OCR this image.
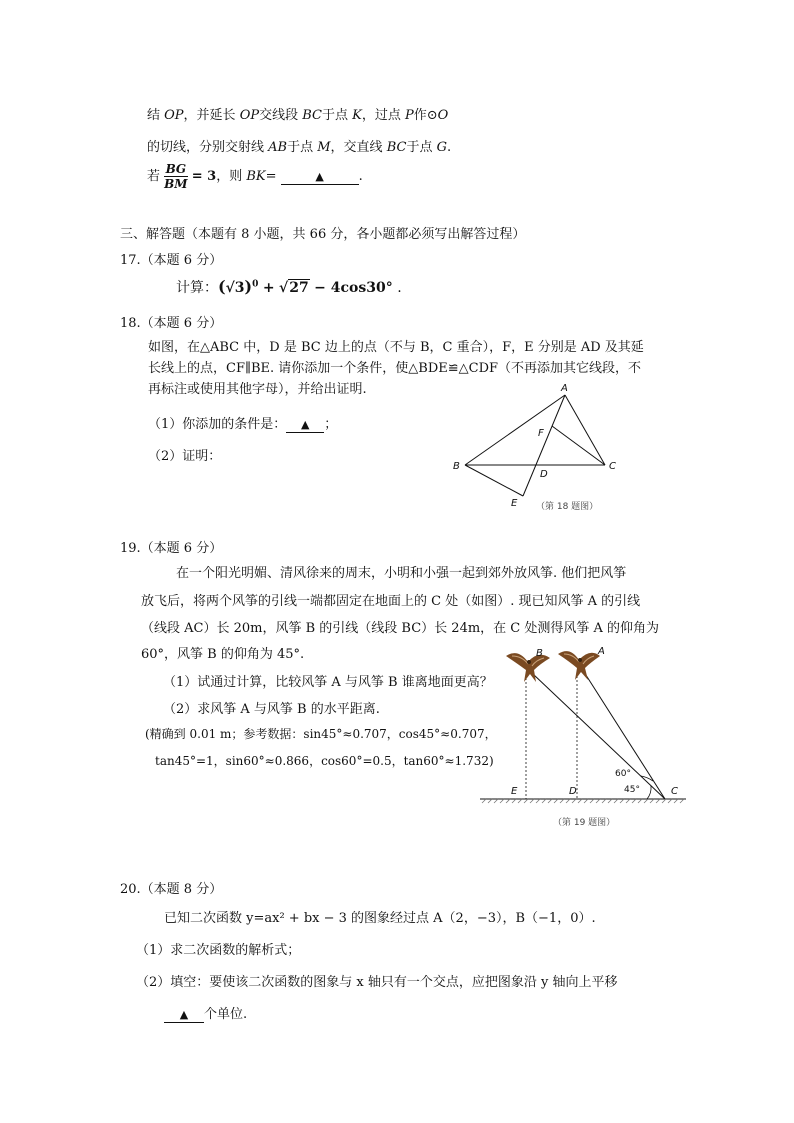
结 OP，并延长 OP交线段 BC于点 K，过点 P作⊙O
的切线，分别交射线 AB于点 M，交直线 BC于点 G.
若 $\frac{BG}{BM} = 3$，则 BK=	▲	.
三、解答题（本题有 8 小题，共 66 分，各小题都必须写出解答过程）
17.（本题 6 分）
计算：$(√3)^0 + √27 - 4\cos 30^\circ$ .
18.（本题 6 分）
如图，在△ABC 中，D 是 BC 边上的点（不与 B，C 重合），F，E 分别是 AD 及其延
长线上的点，CF∥BE. 请你添加一个条件，使△BDE≌△CDF（不再添加其它线段，不
再标注或使用其他字母），并给出证明.
（1）你添加的条件是： ▲ ；
（2）证明：
A
B	C
D
E
F
（第 18 题图）
19.（本题 6 分）
在一个阳光明媚、清风徐来的周末，小明和小强一起到郊外放风筝. 他们把风筝
放飞后，将两个风筝的引线一端都固定在地面上的 C 处（如图）. 现已知风筝 A 的引线
（线段 AC）长 20m，风筝 B 的引线（线段 BC）长 24m，在 C 处测得风筝 A 的仰角为
60°，风筝 B 的仰角为 45°.
（1）试通过计算，比较风筝 A 与风筝 B 谁离地面更高？
（2）求风筝 A 与风筝 B 的水平距离.
(精确到 0.01 m；参考数据：sin45°≈0.707，cos45°≈0.707，
tan45°=1，sin60°≈0.866，cos60°=0.5，tan60°≈1.732)
B	A
C
D
E
60°
45°
（第 19 题图）
20.（本题 8 分）
已知二次函数 y=ax² + bx − 3 的图象经过点 A（2，−3），B（−1，0）.
（1）求二次函数的解析式；
（2）填空：要使该二次函数的图象与 x 轴只有一个交点，应把图象沿 y 轴向上平移
▲ 个单位.
